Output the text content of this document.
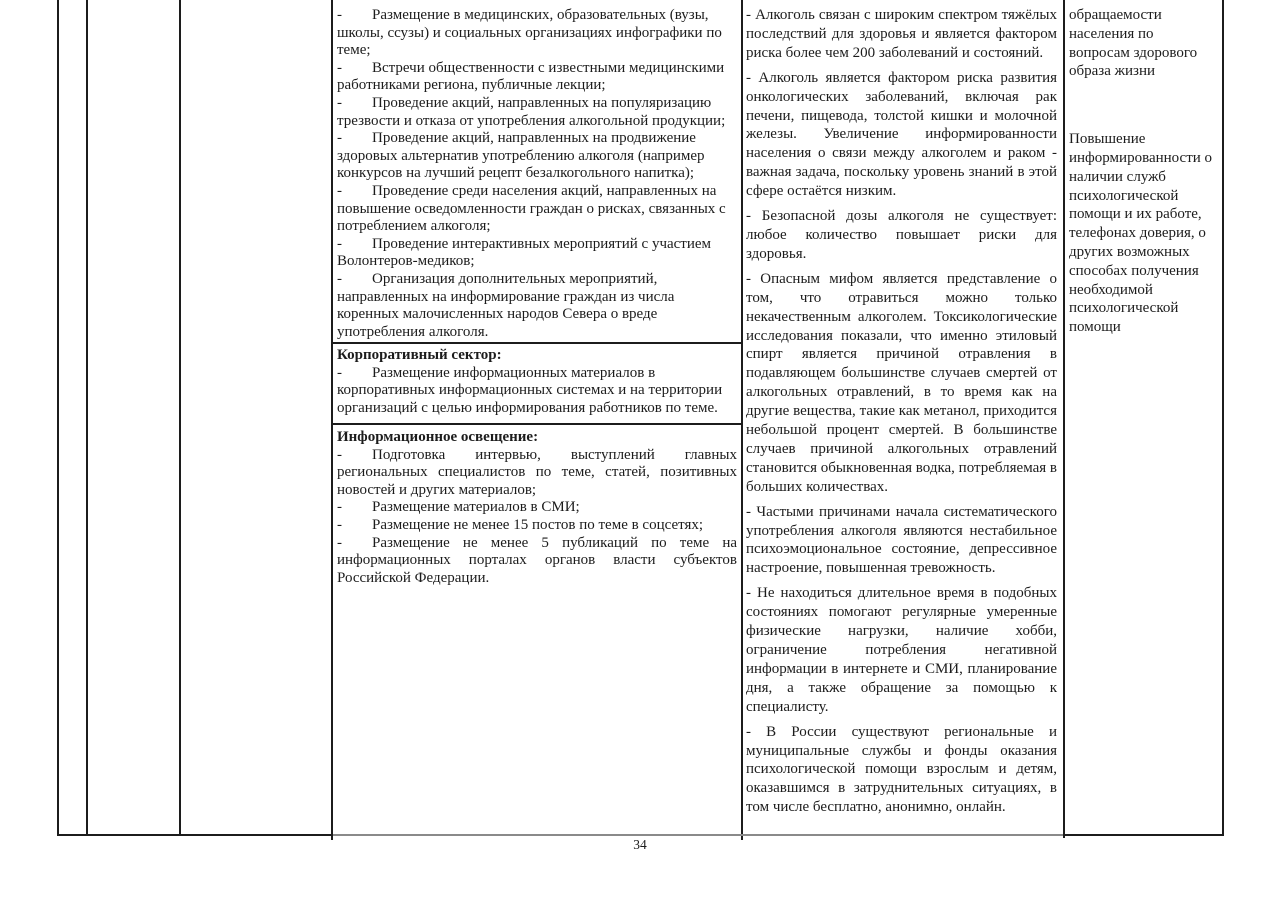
- Размещение в медицинских, образовательных (вузы, школы, ссузы) и социальных организациях инфографики по теме;

- Встречи общественности с известными медицинскими работниками региона, публичные лекции;

- Проведение акций, направленных на популяризацию трезвости и отказа от употребления алкогольной продукции;

- Проведение акций, направленных на продвижение здоровых альтернатив употреблению алкоголя (например конкурсов на лучший рецепт безалкогольного напитка);

- Проведение среди населения акций, направленных на повышение осведомленности граждан о рисках, связанных с потреблением алкоголя;

- Проведение интерактивных мероприятий с участием Волонтеров-медиков;

- Организация дополнительных мероприятий, направленных на информирование граждан из числа коренных малочисленных народов Севера о вреде употребления алкоголя.

Корпоративный сектор:

- Размещение информационных материалов в корпоративных информационных системах и на территории организаций с целью информирования работников по теме.

Информационное освещение:

- Подготовка интервью, выступлений главных региональных специалистов по теме, статей, позитивных новостей и других материалов;

- Размещение материалов в СМИ;

- Размещение не менее 15 постов по теме в соцсетях;

- Размещение не менее 5 публикаций по теме на информационных порталах органов власти субъектов Российской Федерации.

- Алкоголь связан с широким спектром тяжёлых последствий для здоровья и является фактором риска более чем 200 заболеваний и состояний.

- Алкоголь является фактором риска развития онкологических заболеваний, включая рак печени, пищевода, толстой кишки и молочной железы. Увеличение информированности населения о связи между алкоголем и раком - важная задача, поскольку уровень знаний в этой сфере остаётся низким.

- Безопасной дозы алкоголя не существует: любое количество повышает риски для здоровья.

- Опасным мифом является представление о том, что отравиться можно только некачественным алкоголем. Токсикологические исследования показали, что именно этиловый спирт является причиной отравления в подавляющем большинстве случаев смертей от алкогольных отравлений, в то время как на другие вещества, такие как метанол, приходится небольшой процент смертей. В большинстве случаев причиной алкогольных отравлений становится обыкновенная водка, потребляемая в больших количествах.

- Частыми причинами начала систематического употребления алкоголя являются нестабильное психоэмоциональное состояние, депрессивное настроение, повышенная тревожность.

- Не находиться длительное время в подобных состояниях помогают регулярные умеренные физические нагрузки, наличие хобби, ограничение потребления негативной информации в интернете и СМИ, планирование дня, а также обращение за помощью к специалисту.

- В России существуют региональные и муниципальные службы и фонды оказания психологической помощи взрослым и детям, оказавшимся в затруднительных ситуациях, в том числе бесплатно, анонимно, онлайн.

обращаемости населения по вопросам здорового образа жизни

Повышение информированности о наличии служб психологической помощи и их работе, телефонах доверия, о других возможных способах получения необходимой психологической помощи

34
